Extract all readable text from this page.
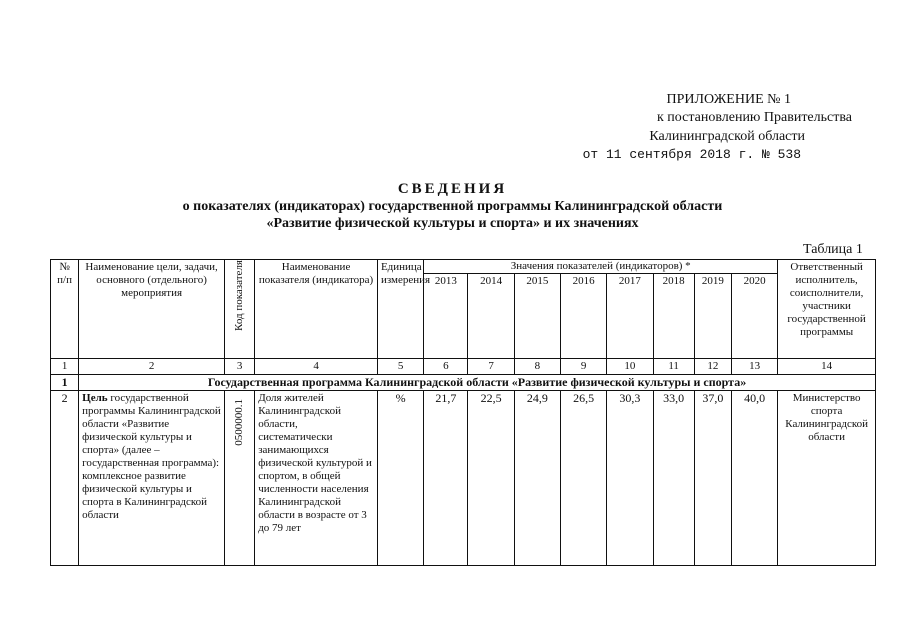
ПРИЛОЖЕНИЕ № 1
к постановлению Правительства
Калининградской области
от 11 сентября 2018 г. № 538
СВЕДЕНИЯ
о показателях (индикаторах) государственной программы Калининградской области
«Развитие физической культуры и спорта» и их значениях
Таблица 1
№ п/п	Наименование цели, задачи, основного (отдельного) мероприятия	Код показателя	Наименование показателя (индикатора)	Единица измерения	Значения показателей (индикаторов) *								Ответственный исполнитель, соисполнители, участники государственной программы
					2013	2014	2015	2016	2017	2018	2019	2020	
1	2	3	4	5	6	7	8	9	10	11	12	13	14
1	Государственная программа Калининградской области «Развитие физической культуры и спорта»												
2	Цель государственной программы Калининградской области «Развитие физической культуры и спорта» (далее – государственная программа): комплексное развитие физической культуры и спорта в Калининградской области	0500000.1	Доля жителей Калининградской области, систематически занимающихся физической культурой и спортом, в общей численности населения Калининградской области в возрасте от 3 до 79 лет	%	21,7	22,5	24,9	26,5	30,3	33,0	37,0	40,0	Министерство спорта Калининградской области
